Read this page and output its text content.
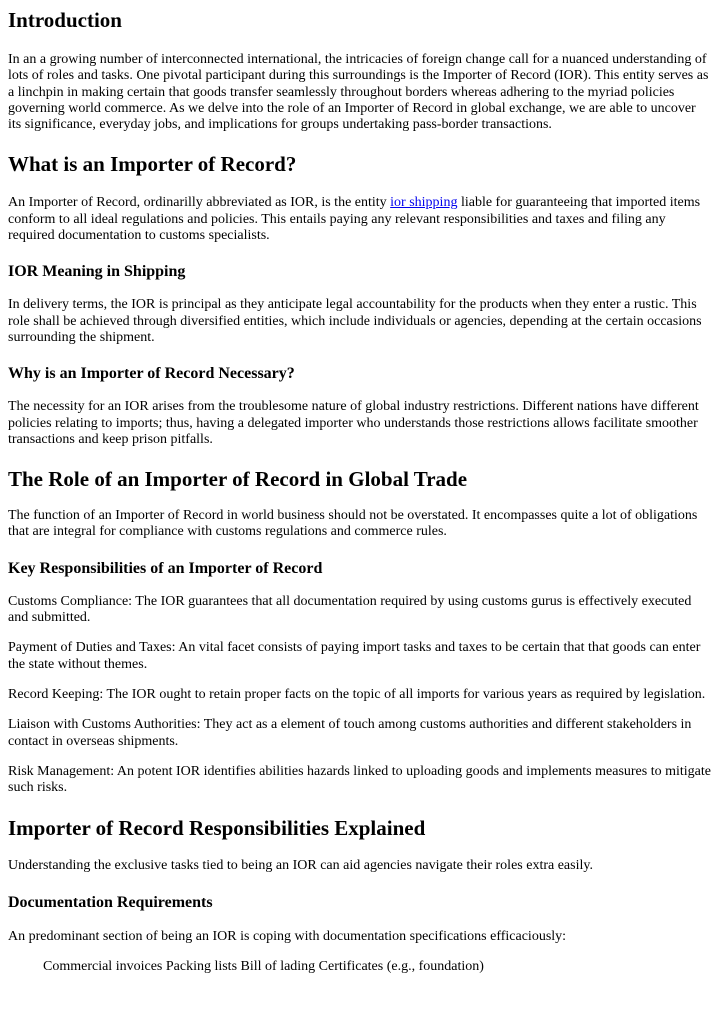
Introduction

In an a growing number of interconnected international, the intricacies of foreign change call for a nuanced understanding of lots of roles and tasks. One pivotal participant during this surroundings is the Importer of Record (IOR). This entity serves as a linchpin in making certain that goods transfer seamlessly throughout borders whereas adhering to the myriad policies governing world commerce. As we delve into the role of an Importer of Record in global exchange, we are able to uncover its significance, everyday jobs, and implications for groups undertaking pass-border transactions.

What is an Importer of Record?

An Importer of Record, ordinarilly abbreviated as IOR, is the entity ior shipping liable for guaranteeing that imported items conform to all ideal regulations and policies. This entails paying any relevant responsibilities and taxes and filing any required documentation to customs specialists.

IOR Meaning in Shipping

In delivery terms, the IOR is principal as they anticipate legal accountability for the products when they enter a rustic. This role shall be achieved through diversified entities, which include individuals or agencies, depending at the certain occasions surrounding the shipment.

Why is an Importer of Record Necessary?

The necessity for an IOR arises from the troublesome nature of global industry restrictions. Different nations have different policies relating to imports; thus, having a delegated importer who understands those restrictions allows facilitate smoother transactions and keep prison pitfalls.

The Role of an Importer of Record in Global Trade

The function of an Importer of Record in world business should not be overstated. It encompasses quite a lot of obligations that are integral for compliance with customs regulations and commerce rules.

Key Responsibilities of an Importer of Record

Customs Compliance: The IOR guarantees that all documentation required by using customs gurus is effectively executed and submitted.

Payment of Duties and Taxes: An vital facet consists of paying import tasks and taxes to be certain that that goods can enter the state without themes.

Record Keeping: The IOR ought to retain proper facts on the topic of all imports for various years as required by legislation.

Liaison with Customs Authorities: They act as a element of touch among customs authorities and different stakeholders in contact in overseas shipments.

Risk Management: An potent IOR identifies abilities hazards linked to uploading goods and implements measures to mitigate such risks.

Importer of Record Responsibilities Explained

Understanding the exclusive tasks tied to being an IOR can aid agencies navigate their roles extra easily.

Documentation Requirements

An predominant section of being an IOR is coping with documentation specifications efficaciously:

Commercial invoices Packing lists Bill of lading Certificates (e.g., foundation)
